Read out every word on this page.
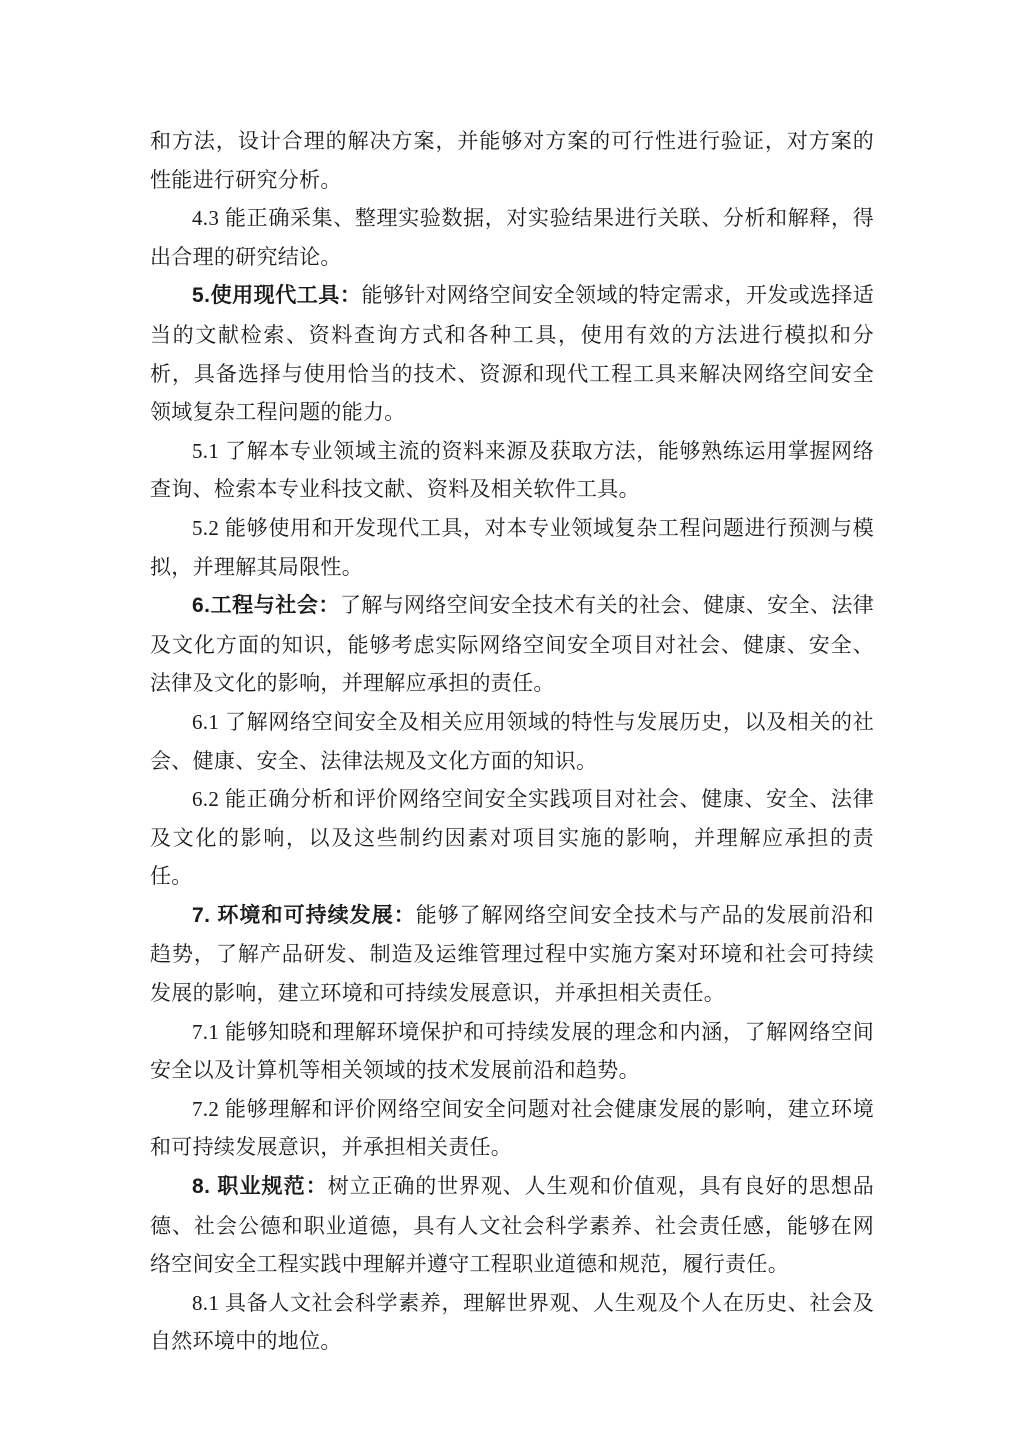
和方法，设计合理的解决方案，并能够对方案的可行性进行验证，对方案的性能进行研究分析。

4.3 能正确采集、整理实验数据，对实验结果进行关联、分析和解释，得出合理的研究结论。

5.使用现代工具：能够针对网络空间安全领域的特定需求，开发或选择适当的文献检索、资料查询方式和各种工具，使用有效的方法进行模拟和分析，具备选择与使用恰当的技术、资源和现代工程工具来解决网络空间安全领域复杂工程问题的能力。

5.1 了解本专业领域主流的资料来源及获取方法，能够熟练运用掌握网络查询、检索本专业科技文献、资料及相关软件工具。

5.2 能够使用和开发现代工具，对本专业领域复杂工程问题进行预测与模拟，并理解其局限性。

6.工程与社会：了解与网络空间安全技术有关的社会、健康、安全、法律及文化方面的知识，能够考虑实际网络空间安全项目对社会、健康、安全、法律及文化的影响，并理解应承担的责任。

6.1 了解网络空间安全及相关应用领域的特性与发展历史，以及相关的社会、健康、安全、法律法规及文化方面的知识。

6.2 能正确分析和评价网络空间安全实践项目对社会、健康、安全、法律及文化的影响，以及这些制约因素对项目实施的影响，并理解应承担的责任。

7. 环境和可持续发展：能够了解网络空间安全技术与产品的发展前沿和趋势，了解产品研发、制造及运维管理过程中实施方案对环境和社会可持续发展的影响，建立环境和可持续发展意识，并承担相关责任。

7.1 能够知晓和理解环境保护和可持续发展的理念和内涵，了解网络空间安全以及计算机等相关领域的技术发展前沿和趋势。

7.2 能够理解和评价网络空间安全问题对社会健康发展的影响，建立环境和可持续发展意识，并承担相关责任。

8. 职业规范：树立正确的世界观、人生观和价值观，具有良好的思想品德、社会公德和职业道德，具有人文社会科学素养、社会责任感，能够在网络空间安全工程实践中理解并遵守工程职业道德和规范，履行责任。

8.1 具备人文社会科学素养，理解世界观、人生观及个人在历史、社会及自然环境中的地位。
